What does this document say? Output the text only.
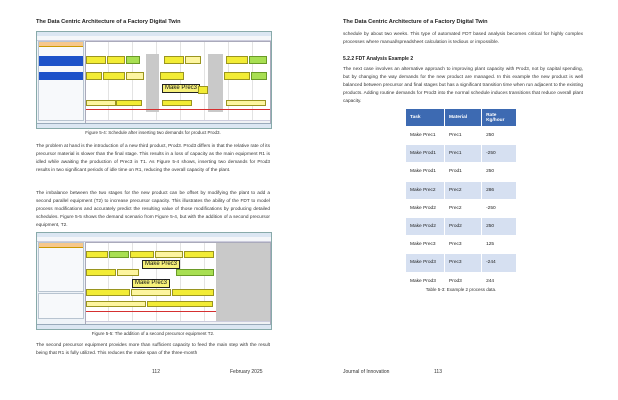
The Data Centric Architecture of a Factory Digital Twin
Make Prec3
Figure 5-4: Schedule after inserting two demands for product Prod3.

The problem at hand is the introduction of a new third product, Prod3. Prod3 differs in that the relative rate of its precursor material is slower than the final stage. This results in a loss of capacity as the main equipment R1 is idled while awaiting the production of Prec3 in T1. As Figure 5-4 shows, inserting two demands for Prod3 results in two significant periods of idle time on R1, reducing the overall capacity of the plant.

The imbalance between the two stages for the new product can be offset by modifying the plant to add a second parallel equipment (T2) to increase precursor capacity. This illustrates the ability of the FDT to model process modifications and accurately predict the resulting value of those modifications by producing detailed schedules. Figure 5-5 shows the demand scenario from Figure 5-4, but with the addition of a second precursor equipment, T2.

Make Prec3
Make Prec3
Figure 5-5: The addition of a second precursor equipment T2.

The second precursor equipment provides more than sufficient capacity to feed the main step with the result being that R1 is fully utilized. This reduces the make span of the three-month

112	February 2025
The Data Centric Architecture of a Factory Digital Twin

schedule by about two weeks. This type of automated FDT based analysis becomes critical for highly complex processes where manual/spreadsheet calculation is tedious or impossible.

5.2.2 FDT Analysis Example 2

The next case involves an alternative approach to improving plant capacity with Prod3, not by capital spending, but by changing the way demands for the new product are managed. In this example the new product is well balanced between precursor and final stages but has a significant transition time when run adjacent to the existing products. Adding routine demands for Prod3 into the normal schedule induces transitions that reduce overall plant capacity.

Task	Material	Rate Kg/hour
Make Prec1	Prec1	250
Make Prod1	Prec1	-250
Make Prod1	Prod1	250
Make Prec2	Prec2	286
Make Prod2	Prec2	-250
Make Prod2	Prod2	250
Make Prec3	Prec3	125
Make Prod3	Prec3	-244
Make Prod3	Prod3	244
Table 5-3: Example 2 process data.
Journal of Innovation	113
